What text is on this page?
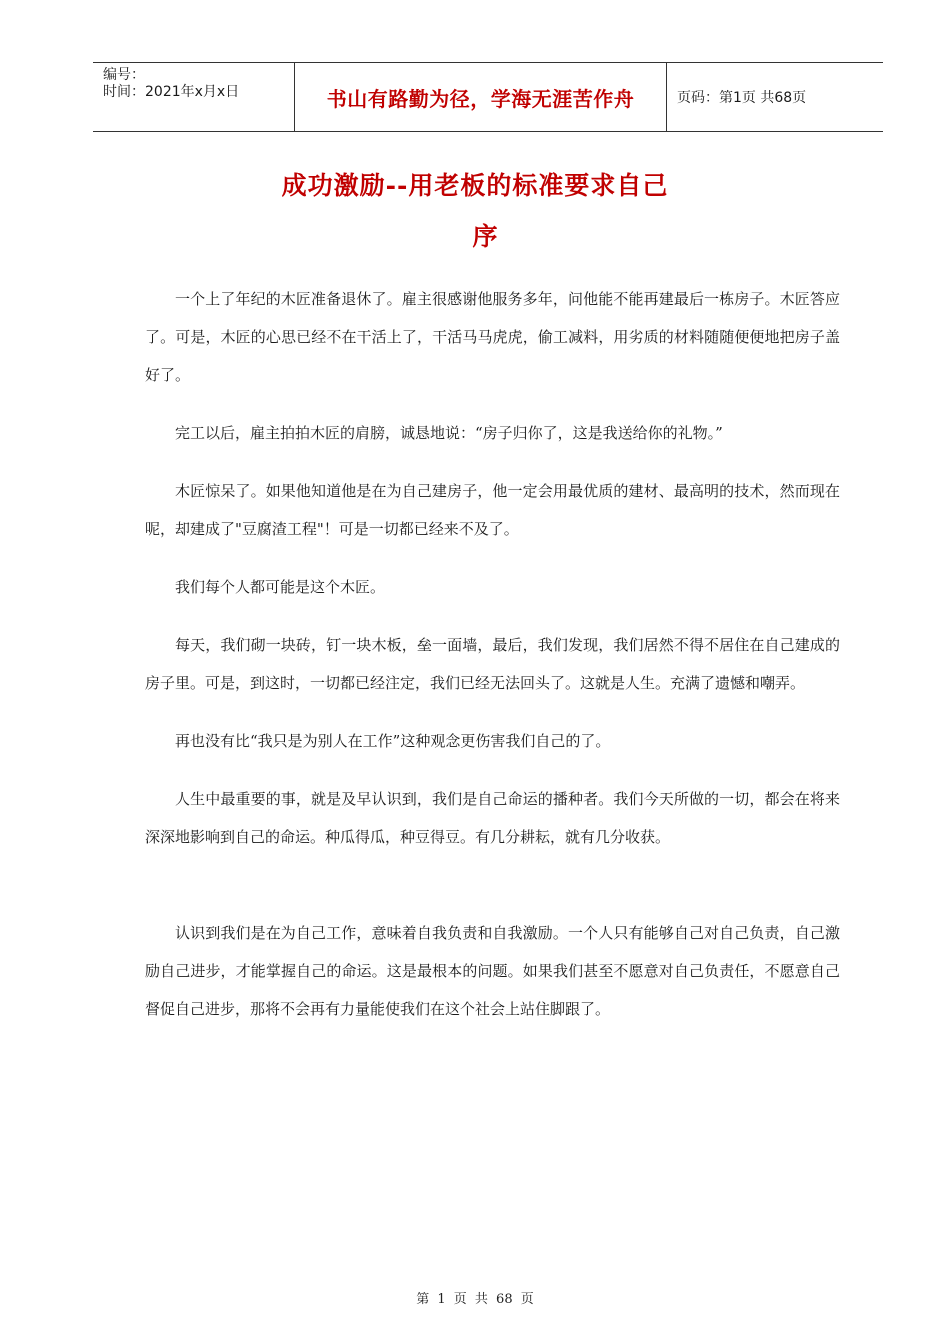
编号：
时间：2021年x月x日	书山有路勤为径，学海无涯苦作舟	页码：第1页 共68页
成功激励--用老板的标准要求自己
序

一个上了年纪的木匠准备退休了。雇主很感谢他服务多年，问他能不能再建最后一栋房子。木匠答应了。可是，木匠的心思已经不在干活上了，干活马马虎虎，偷工减料，用劣质的材料随随便便地把房子盖好了。

完工以后，雇主拍拍木匠的肩膀，诚恳地说：“房子归你了，这是我送给你的礼物。”

木匠惊呆了。如果他知道他是在为自己建房子，他一定会用最优质的建材、最高明的技术，然而现在呢，却建成了"豆腐渣工程"！可是一切都已经来不及了。

我们每个人都可能是这个木匠。

每天，我们砌一块砖，钉一块木板，垒一面墙，最后，我们发现，我们居然不得不居住在自己建成的房子里。可是，到这时，一切都已经注定，我们已经无法回头了。这就是人生。充满了遗憾和嘲弄。

再也没有比“我只是为别人在工作”这种观念更伤害我们自己的了。

人生中最重要的事，就是及早认识到，我们是自己命运的播种者。我们今天所做的一切，都会在将来深深地影响到自己的命运。种瓜得瓜，种豆得豆。有几分耕耘，就有几分收获。

认识到我们是在为自己工作，意味着自我负责和自我激励。一个人只有能够自己对自己负责，自己激励自己进步，才能掌握自己的命运。这是最根本的问题。如果我们甚至不愿意对自己负责任，不愿意自己督促自己进步，那将不会再有力量能使我们在这个社会上站住脚跟了。

第 1 页 共 68 页
